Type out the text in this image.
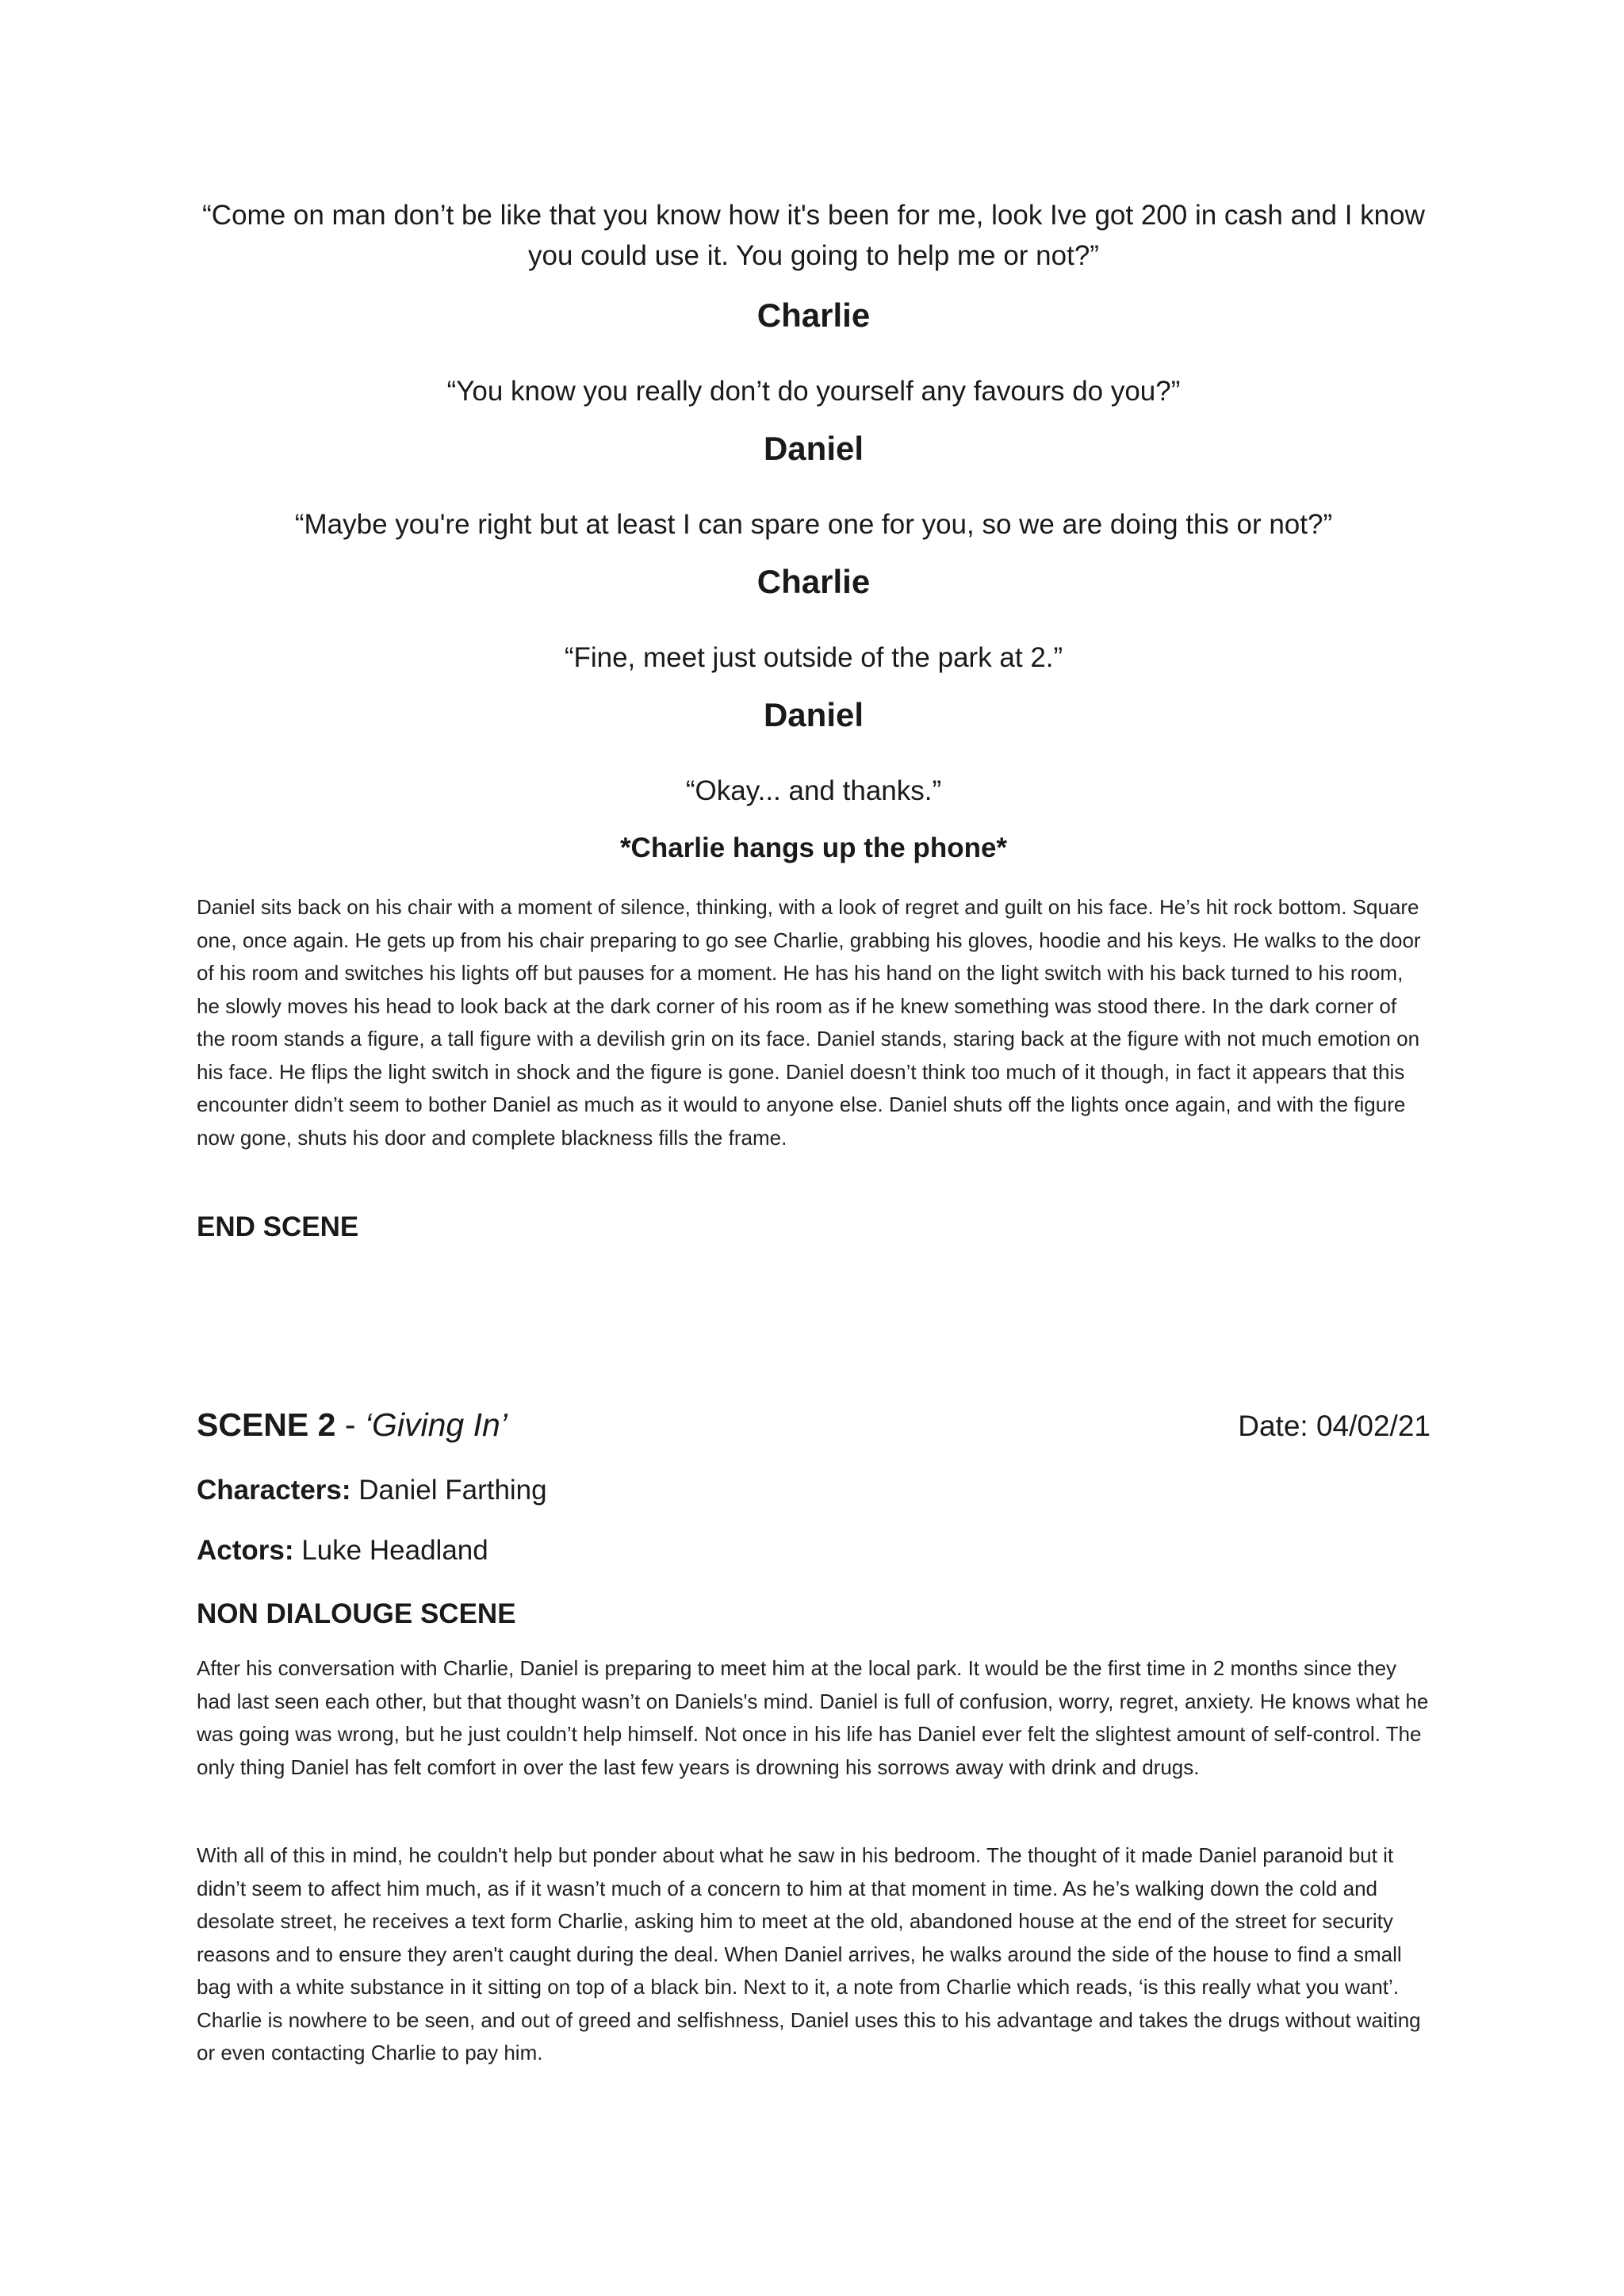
“Come on man don’t be like that you know how it's been for me, look Ive got 200 in cash and I know you could use it. You going to help me or not?”

Charlie

“You know you really don’t do yourself any favours do you?”

Daniel

“Maybe you're right but at least I can spare one for you, so we are doing this or not?”

Charlie

“Fine, meet just outside of the park at 2.”

Daniel

“Okay... and thanks.”

*Charlie hangs up the phone*

Daniel sits back on his chair with a moment of silence, thinking, with a look of regret and guilt on his face. He’s hit rock bottom. Square one, once again. He gets up from his chair preparing to go see Charlie, grabbing his gloves, hoodie and his keys. He walks to the door of his room and switches his lights off but pauses for a moment. He has his hand on the light switch with his back turned to his room, he slowly moves his head to look back at the dark corner of his room as if he knew something was stood there. In the dark corner of the room stands a figure, a tall figure with a devilish grin on its face. Daniel stands, staring back at the figure with not much emotion on his face. He flips the light switch in shock and the figure is gone. Daniel doesn’t think too much of it though, in fact it appears that this encounter didn’t seem to bother Daniel as much as it would to anyone else. Daniel shuts off the lights once again, and with the figure now gone, shuts his door and complete blackness fills the frame.

END SCENE

SCENE 2 - ‘Giving In’	Date: 04/02/21

Characters: Daniel Farthing

Actors: Luke Headland

NON DIALOUGE SCENE

After his conversation with Charlie, Daniel is preparing to meet him at the local park. It would be the first time in 2 months since they had last seen each other, but that thought wasn’t on Daniels's mind. Daniel is full of confusion, worry, regret, anxiety. He knows what he was going was wrong, but he just couldn’t help himself. Not once in his life has Daniel ever felt the slightest amount of self-control. The only thing Daniel has felt comfort in over the last few years is drowning his sorrows away with drink and drugs.

With all of this in mind, he couldn't help but ponder about what he saw in his bedroom. The thought of it made Daniel paranoid but it didn’t seem to affect him much, as if it wasn’t much of a concern to him at that moment in time. As he’s walking down the cold and desolate street, he receives a text form Charlie, asking him to meet at the old, abandoned house at the end of the street for security reasons and to ensure they aren't caught during the deal. When Daniel arrives, he walks around the side of the house to find a small bag with a white substance in it sitting on top of a black bin. Next to it, a note from Charlie which reads, ‘is this really what you want’. Charlie is nowhere to be seen, and out of greed and selfishness, Daniel uses this to his advantage and takes the drugs without waiting or even contacting Charlie to pay him.
